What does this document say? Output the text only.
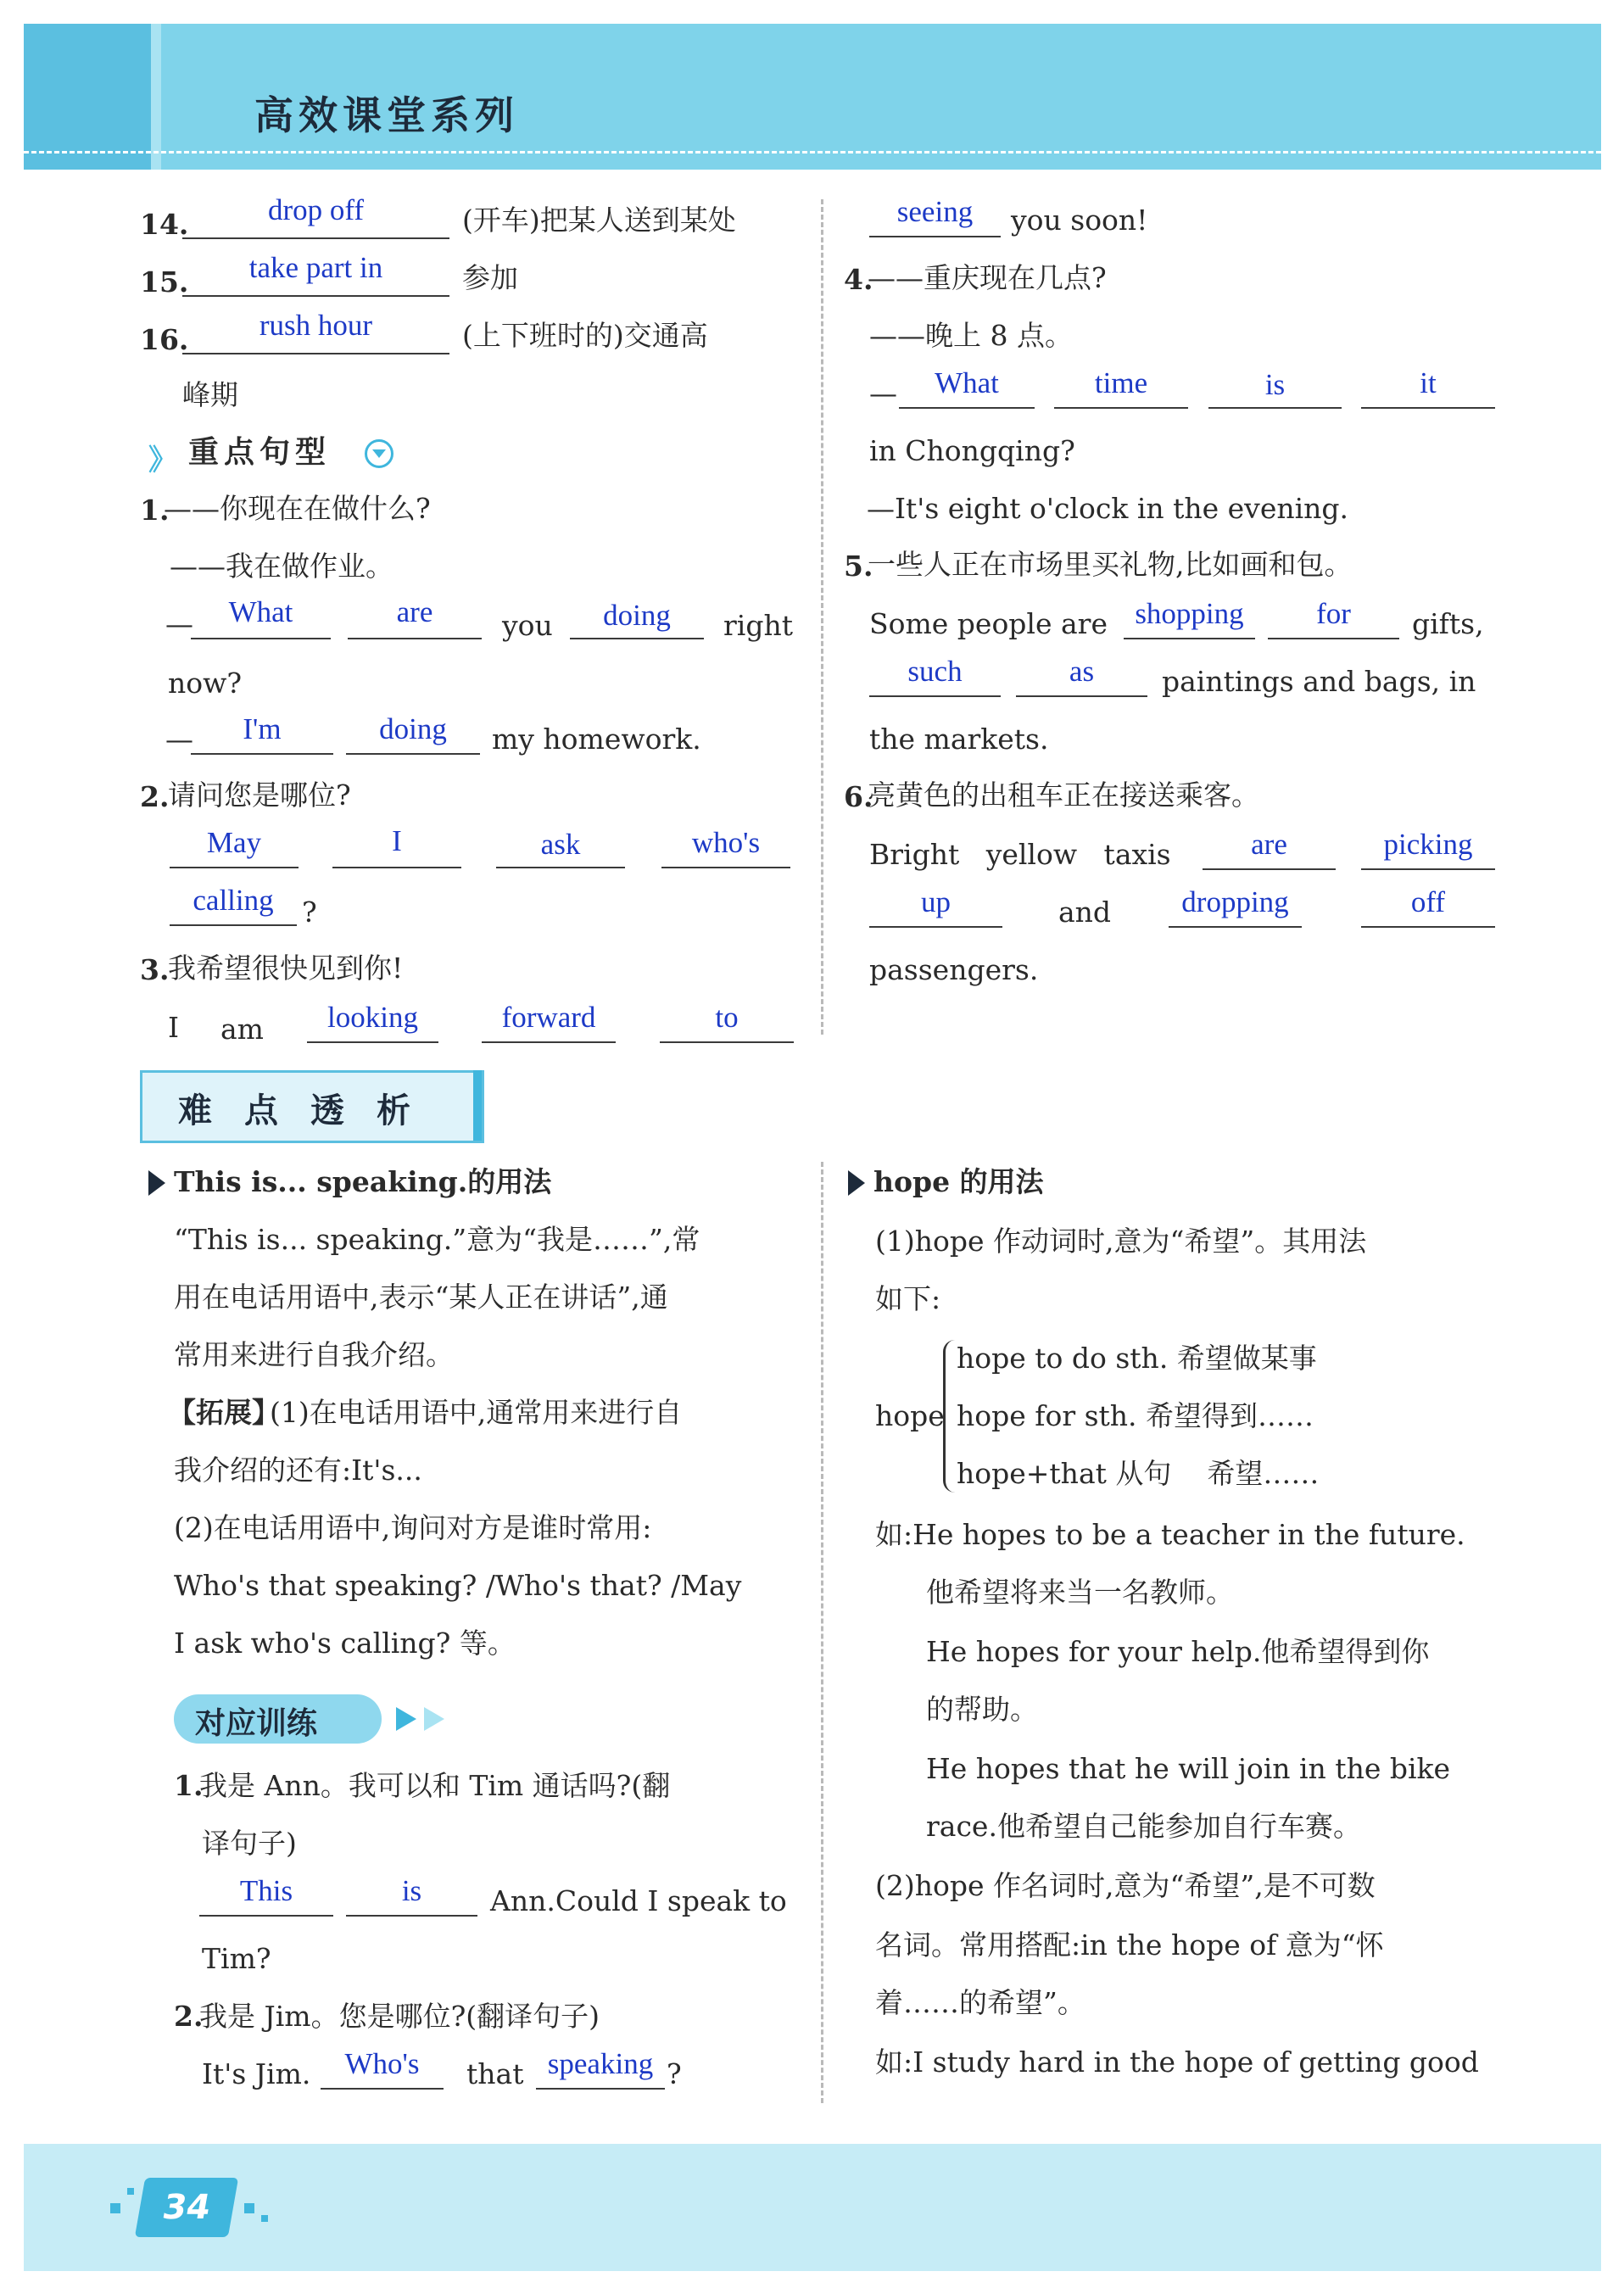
高效课堂系列
14.	drop off	(开车)把某人送到某处
15.	take part in	参加
16.	rush hour	(上下班时的)交通高
峰期
》 重点句型
1.
——你现在在做什么?
——我在做作业。
—	What	are	you	doing	right
now?
—	I'm	doing	my homework.
2.
请问您是哪位?
May	I	ask	who's
calling	?
3.
我希望很快见到你!
I am	looking	forward	to
seeing	you soon!
4.
——重庆现在几点?
——晚上 8 点。
—	What	time	is	it
in Chongqing?
—It's eight o'clock in the evening.
5.
一些人正在市场里买礼物,比如画和包。
Some people are shopping	for	gifts,
such	as	paintings and bags, in
the markets.
6.
亮黄色的出租车正在接送乘客。
Bright   yellow   taxis	are	picking
up	and	dropping	off
passengers.
难点透析
This is... speaking.的用法
“This is... speaking.”意为“我是……”,常
用在电话用语中,表示“某人正在讲话”,通
常用来进行自我介绍。
【拓展】
(1)在电话用语中,通常用来进行自
我介绍的还有:It's...
(2)在电话用语中,询问对方是谁时常用:
Who's that speaking? /Who's that? /May
I ask who's calling? 等。
对应训练
1.
我是 Ann。我可以和 Tim 通话吗?(翻
译句子)
This	is	Ann.Could I speak to
Tim?
2.
我是 Jim。您是哪位?(翻译句子)
It's Jim.	Who's	that speaking ?
hope 的用法
(1)hope 作动词时,意为“希望”。其用法
如下:
hope
hope to do sth. 希望做某事
hope for sth. 希望得到……
hope+that 从句    希望……
如:He hopes to be a teacher in the future.
他希望将来当一名教师。
He hopes for your help.他希望得到你
的帮助。
He hopes that he will join in the bike
race.他希望自己能参加自行车赛。
(2)hope 作名词时,意为“希望”,是不可数
名词。常用搭配:in the hope of 意为“怀
着……的希望”。
如:I study hard in the hope of getting good
34
